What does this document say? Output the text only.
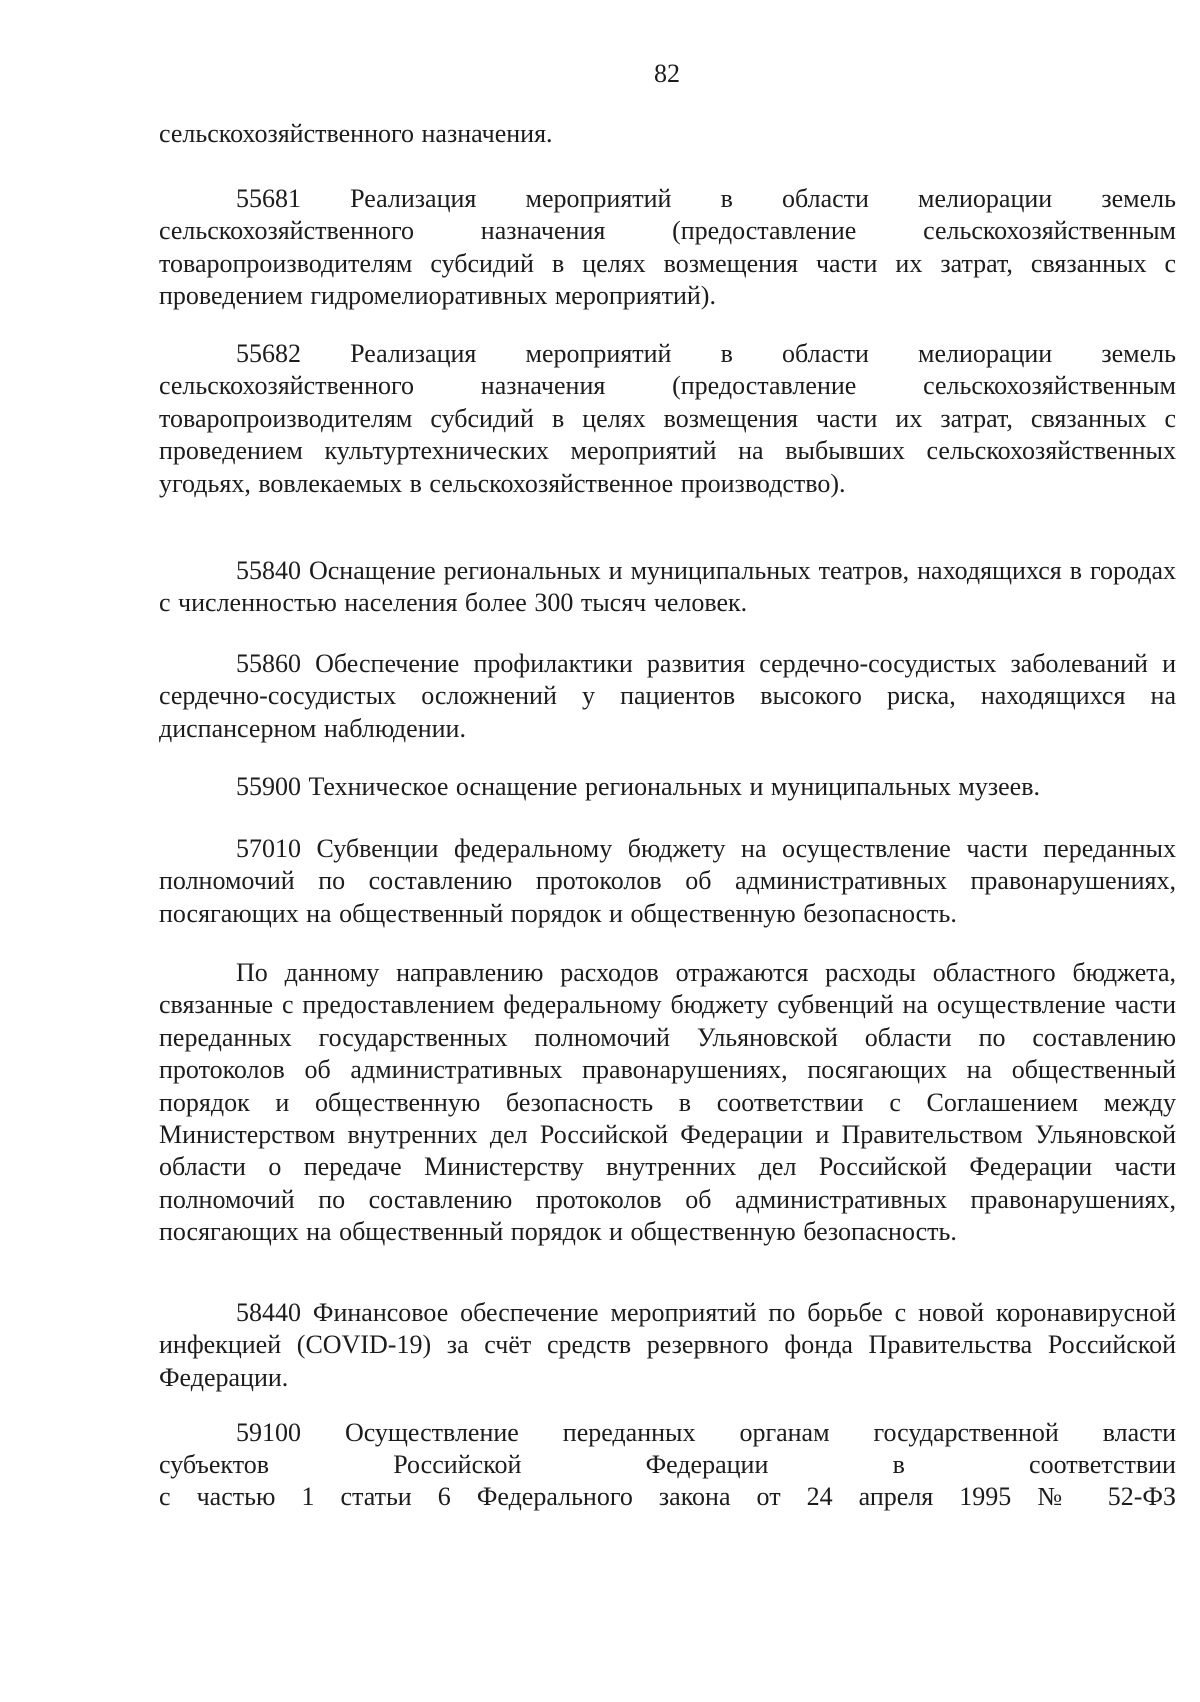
82

сельскохозяйственного назначения.

55681 Реализация мероприятий в области мелиорации земель сельскохозяйственного назначения (предоставление сельскохозяйственным товаропроизводителям субсидий в целях возмещения части их затрат, связанных с проведением гидромелиоративных мероприятий).

55682 Реализация мероприятий в области мелиорации земель сельскохозяйственного назначения (предоставление сельскохозяйственным товаропроизводителям субсидий в целях возмещения части их затрат, связанных с проведением культуртехнических мероприятий на выбывших сельскохозяйственных угодьях, вовлекаемых в сельскохозяйственное производство).

55840 Оснащение региональных и муниципальных театров, находящихся в городах с численностью населения более 300 тысяч человек.

55860 Обеспечение профилактики развития сердечно-сосудистых заболеваний и сердечно-сосудистых осложнений у пациентов высокого риска, находящихся на диспансерном наблюдении.

55900 Техническое оснащение региональных и муниципальных музеев.

57010 Субвенции федеральному бюджету на осуществление части переданных полномочий по составлению протоколов об административных правонарушениях, посягающих на общественный порядок и общественную безопасность.

По данному направлению расходов отражаются расходы областного бюджета, связанные с предоставлением федеральному бюджету субвенций на осуществление части переданных государственных полномочий Ульяновской области по составлению протоколов об административных правонарушениях, посягающих на общественный порядок и общественную безопасность в соответствии с Соглашением между Министерством внутренних дел Российской Федерации и Правительством Ульяновской области о передаче Министерству внутренних дел Российской Федерации части полномочий по составлению протоколов об административных правонарушениях, посягающих на общественный порядок и общественную безопасность.

58440 Финансовое обеспечение мероприятий по борьбе с новой коронавирусной инфекцией (COVID-19) за счёт средств резервного фонда Правительства Российской Федерации.

59100 Осуществление переданных органам государственной власти
субъектов	Российской	Федерации	в	соответствии
с частью 1 статьи 6 Федерального закона от 24 апреля 1995 № 52-ФЗ
